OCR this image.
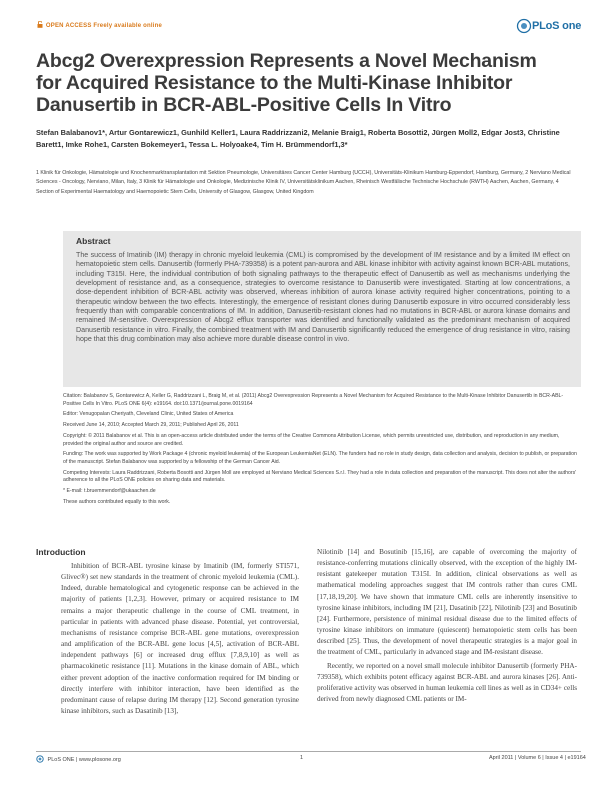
OPEN ACCESS Freely available online	PLoS one
Abcg2 Overexpression Represents a Novel Mechanism for Acquired Resistance to the Multi-Kinase Inhibitor Danusertib in BCR-ABL-Positive Cells In Vitro
Stefan Balabanov1*, Artur Gontarewicz1, Gunhild Keller1, Laura Raddrizzani2, Melanie Braig1, Roberta Bosotti2, Jürgen Moll2, Edgar Jost3, Christine Barett1, Imke Rohe1, Carsten Bokemeyer1, Tessa L. Holyoake4, Tim H. Brümmendorf1,3*
1 Klinik für Onkologie, Hämatologie und Knochenmarktransplantation mit Sektion Pneumologie, Universitäres Cancer Center Hamburg (UCCH), Universitäts-Klinikum Hamburg-Eppendorf, Hamburg, Germany, 2 Nerviano Medical Sciences - Oncology, Nerviano, Milan, Italy, 3 Klinik für Hämatologie und Onkologie, Medizinische Klinik IV, Universitätsklinikum Aachen, Rheinisch Westfälische Technische Hochschule (RWTH) Aachen, Aachen, Germany, 4 Section of Experimental Haematology and Haemopoietic Stem Cells, University of Glasgow, Glasgow, United Kingdom
Abstract
The success of Imatinib (IM) therapy in chronic myeloid leukemia (CML) is compromised by the development of IM resistance and by a limited IM effect on hematopoietic stem cells. Danusertib (formerly PHA-739358) is a potent pan-aurora and ABL kinase inhibitor with activity against known BCR-ABL mutations, including T315I. Here, the individual contribution of both signaling pathways to the therapeutic effect of Danusertib as well as mechanisms underlying the development of resistance and, as a consequence, strategies to overcome resistance to Danusertib were investigated. Starting at low concentrations, a dose-dependent inhibition of BCR-ABL activity was observed, whereas inhibition of aurora kinase activity required higher concentrations, pointing to a therapeutic window between the two effects. Interestingly, the emergence of resistant clones during Danusertib exposure in vitro occurred considerably less frequently than with comparable concentrations of IM. In addition, Danusertib-resistant clones had no mutations in BCR-ABL or aurora kinase domains and remained IM-sensitive. Overexpression of Abcg2 efflux transporter was identified and functionally validated as the predominant mechanism of acquired Danusertib resistance in vitro. Finally, the combined treatment with IM and Danusertib significantly reduced the emergence of drug resistance in vitro, raising hope that this drug combination may also achieve more durable disease control in vivo.

Citation: Balabanov S, Gontarewicz A, Keller G, Raddrizzani L, Braig M, et al. (2011) Abcg2 Overexpression Represents a Novel Mechanism for Acquired Resistance to the Multi-Kinase Inhibitor Danusertib in BCR-ABL-Positive Cells In Vitro. PLoS ONE 6(4): e19164. doi:10.1371/journal.pone.0019164

Editor: Venugopalan Cheriyath, Cleveland Clinic, United States of America

Received June 14, 2010; Accepted March 29, 2011; Published April 26, 2011

Copyright: © 2011 Balabanov et al. This is an open-access article distributed under the terms of the Creative Commons Attribution License, which permits unrestricted use, distribution, and reproduction in any medium, provided the original author and source are credited.

Funding: The work was supported by Work Package 4 (chronic myeloid leukemia) of the European LeukemiaNet (ELN). The funders had no role in study design, data collection and analysis, decision to publish, or preparation of the manuscript. Stefan Balabanov was supported by a fellowship of the German Cancer Aid.

Competing Interests: Laura Raddrizzani, Roberta Bosotti and Jürgen Moll are employed at Nerviano Medical Sciences S.r.l. They had a role in data collection and preparation of the manuscript. This does not alter the authors' adherence to all the PLoS ONE policies on sharing data and materials.

* E-mail: t.bruemmendorf@ukaachen.de

These authors contributed equally to this work.

Introduction
Inhibition of BCR-ABL tyrosine kinase by Imatinib (IM, formerly STI571, Glivec®) set new standards in the treatment of chronic myeloid leukemia (CML). Indeed, durable hematological and cytogenetic response can be achieved in the majority of patients [1,2,3]. However, primary or acquired resistance to IM remains a major therapeutic challenge in the course of CML treatment, in particular in patients with advanced phase disease. Potential, yet controversial, mechanisms of resistance comprise BCR-ABL gene mutations, overexpression and amplification of the BCR-ABL gene locus [4,5], activation of BCR-ABL independent pathways [6] or increased drug efflux [7,8,9,10] as well as pharmacokinetic resistance [11]. Mutations in the kinase domain of ABL, which either prevent adoption of the inactive conformation required for IM binding or directly interfere with inhibitor interaction, have been identified as the predominant cause of relapse during IM therapy [12]. Second generation tyrosine kinase inhibitors, such as Dasatinib [13],

Nilotinib [14] and Bosutinib [15,16], are capable of overcoming the majority of resistance-conferring mutations clinically observed, with the exception of the highly IM-resistant gatekeeper mutation T315I. In addition, clinical observations as well as mathematical modeling approaches suggest that IM controls rather than cures CML [17,18,19,20]. We have shown that immature CML cells are inherently insensitive to tyrosine kinase inhibitors, including IM [21], Dasatinib [22], Nilotinib [23] and Bosutinib [24]. Furthermore, persistence of minimal residual disease due to the limited effects of tyrosine kinase inhibitors on immature (quiescent) hematopoietic stem cells has been described [25]. Thus, the development of novel therapeutic strategies is a major goal in the treatment of CML, particularly in advanced stage and IM-resistant disease.

Recently, we reported on a novel small molecule inhibitor Danusertib (formerly PHA-739358), which exhibits potent efficacy against BCR-ABL and aurora kinases [26]. Anti-proliferative activity was observed in human leukemia cell lines as well as in CD34+ cells derived from newly diagnosed CML patients or IM-

PLoS ONE | www.plosone.org	1	April 2011 | Volume 6 | Issue 4 | e19164
